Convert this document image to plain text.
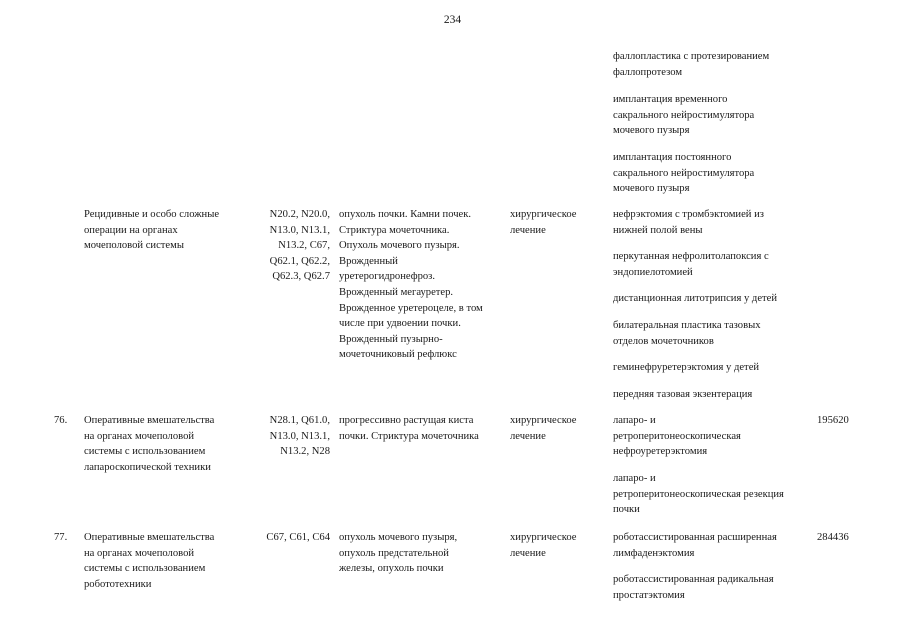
234
фаллопластика с протезированием
фаллопротезом
имплантация временного
сакрального нейростимулятора
мочевого пузыря
имплантация постоянного
сакрального нейростимулятора
мочевого пузыря
Рецидивные и особо сложные
операции на органах
мочеполовой системы
N20.2, N20.0,
N13.0, N13.1,
N13.2, C67,
Q62.1, Q62.2,
Q62.3, Q62.7
опухоль почки. Камни почек.
Стриктура мочеточника.
Опухоль мочевого пузыря.
Врожденный
уретерогидронефроз.
Врожденный мегауретер.
Врожденное уретероцеле, в том
числе при удвоении почки.
Врожденный пузырно-
мочеточниковый рефлюкс
хирургическое
лечение
нефрэктомия с тромбэктомией из
нижней полой вены
перкутанная нефролитолапоксия с
эндопиелотомией
дистанционная литотрипсия у детей
билатеральная пластика тазовых
отделов мочеточников
геминефруретерэктомия у детей
передняя тазовая экзентерация
76.	Оперативные вмешательства
на органах мочеполовой
системы с использованием
лапароскопической техники
N28.1, Q61.0,
N13.0, N13.1,
N13.2, N28
прогрессивно растущая киста
почки. Стриктура мочеточника
хирургическое
лечение
лапаро- и
ретроперитонеоскопическая
нефроуретерэктомия
лапаро- и
ретроперитонеоскопическая резекция
почки
195620
77.	Оперативные вмешательства
на органах мочеполовой
системы с использованием
робототехники
C67, C61, C64 опухоль мочевого пузыря,
опухоль предстательной
железы, опухоль почки
хирургическое
лечение
роботассистированная расширенная
лимфаденэктомия
роботассистированная радикальная
простатэктомия
284436
